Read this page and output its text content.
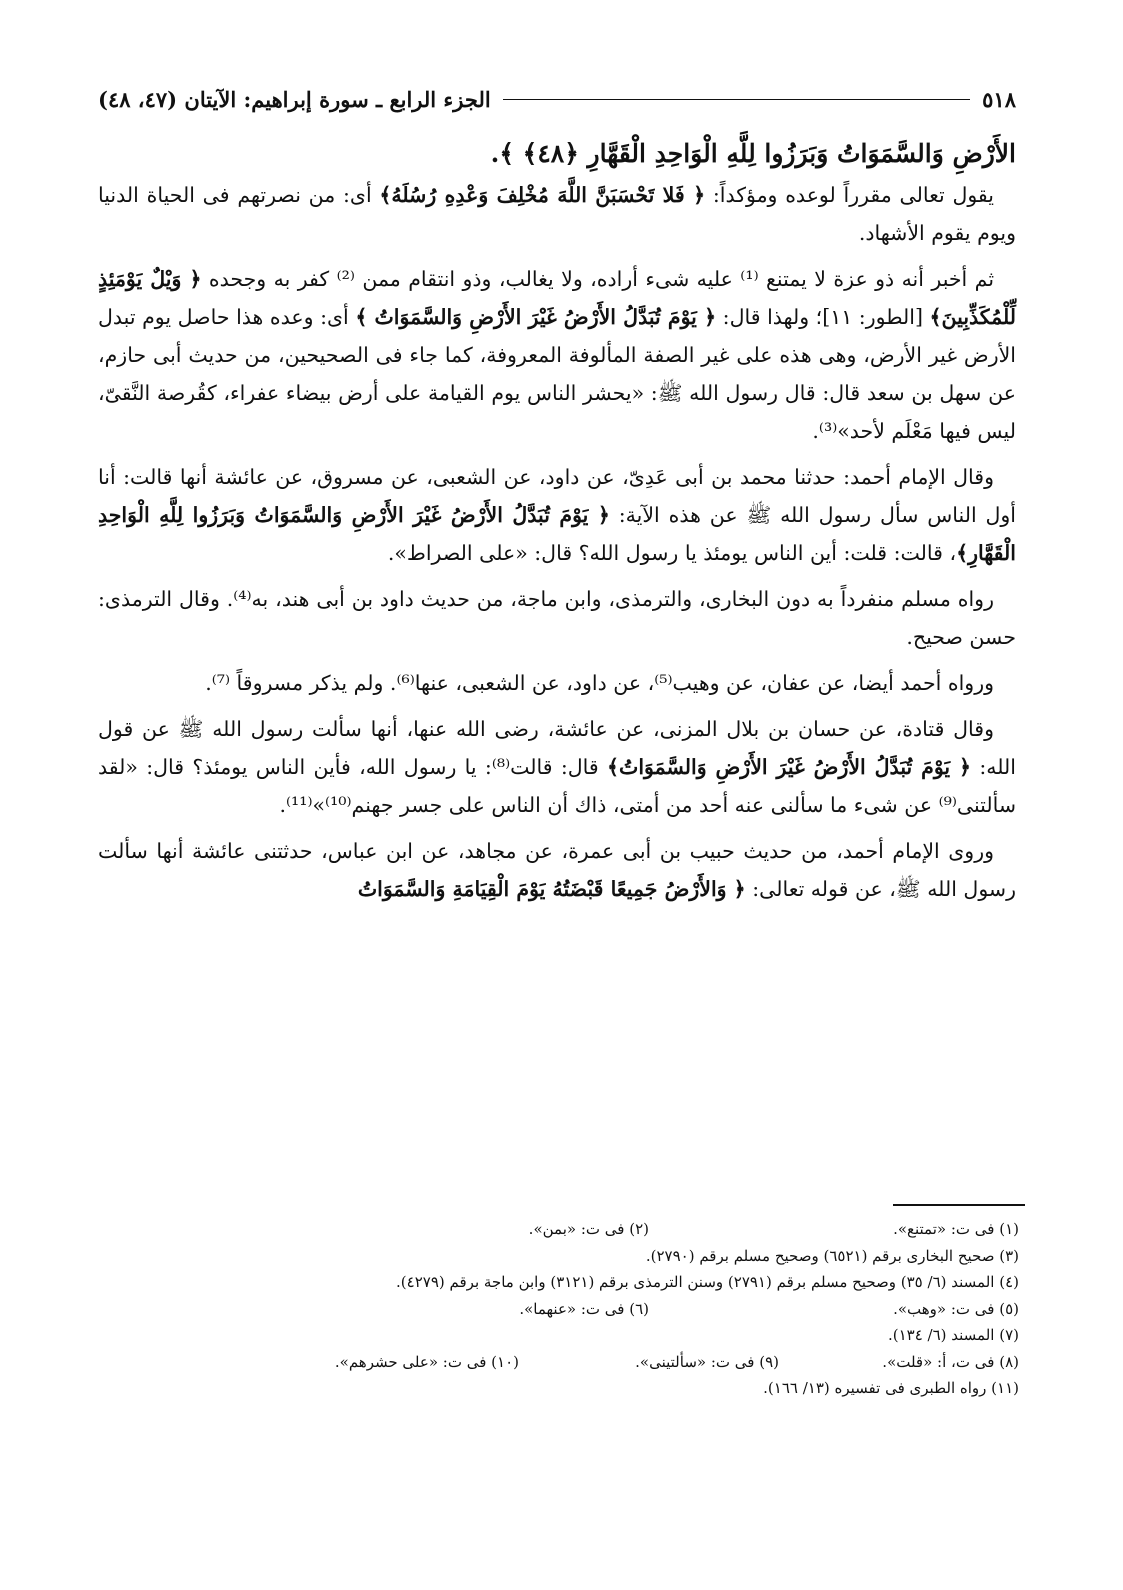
٥١٨
الجزء الرابع ـ سورة إبراهيم: الآيتان (٤٧، ٤٨)
الأَرْضِ وَالسَّمَوَاتُ وَبَرَزُوا لِلَّهِ الْوَاحِدِ الْقَهَّارِ ﴿٤٨﴾ ﴾.

يقول تعالى مقرراً لوعده ومؤكداً: ﴿ فَلا تَحْسَبَنَّ اللَّهَ مُخْلِفَ وَعْدِهِ رُسُلَهُ﴾ أى: من نصرتهم فى الحياة الدنيا ويوم يقوم الأشهاد.

ثم أخبر أنه ذو عزة لا يمتنع ⁽¹⁾ عليه شىء أراده، ولا يغالب، وذو انتقام ممن ⁽²⁾ كفر به وجحده ﴿ وَيْلٌ يَوْمَئِذٍ لِّلْمُكَذِّبِينَ﴾ [الطور: ١١]؛ ولهذا قال: ﴿ يَوْمَ تُبَدَّلُ الأَرْضُ غَيْرَ الأَرْضِ وَالسَّمَوَاتُ ﴾ أى: وعده هذا حاصل يوم تبدل الأرض غير الأرض، وهى هذه على غير الصفة المألوفة المعروفة، كما جاء فى الصحيحين، من حديث أبى حازم، عن سهل بن سعد قال: قال رسول الله ﷺ: «يحشر الناس يوم القيامة على أرض بيضاء عفراء، كقُرصة النَّقىّ، ليس فيها مَعْلَم لأحد»⁽³⁾.

وقال الإمام أحمد: حدثنا محمد بن أبى عَدِىّ، عن داود، عن الشعبى، عن مسروق، عن عائشة أنها قالت: أنا أول الناس سأل رسول الله ﷺ عن هذه الآية: ﴿ يَوْمَ تُبَدَّلُ الأَرْضُ غَيْرَ الأَرْضِ وَالسَّمَوَاتُ وَبَرَزُوا لِلَّهِ الْوَاحِدِ الْقَهَّارِ﴾، قالت: قلت: أين الناس يومئذ يا رسول الله؟ قال: «على الصراط».

رواه مسلم منفرداً به دون البخارى، والترمذى، وابن ماجة، من حديث داود بن أبى هند، به⁽⁴⁾. وقال الترمذى: حسن صحيح.

ورواه أحمد أيضا، عن عفان، عن وهيب⁽⁵⁾، عن داود، عن الشعبى، عنها⁽⁶⁾. ولم يذكر مسروقاً ⁽⁷⁾.

وقال قتادة، عن حسان بن بلال المزنى، عن عائشة، رضى الله عنها، أنها سألت رسول الله ﷺ عن قول الله: ﴿ يَوْمَ تُبَدَّلُ الأَرْضُ غَيْرَ الأَرْضِ وَالسَّمَوَاتُ﴾ قال: قالت⁽⁸⁾: يا رسول الله، فأين الناس يومئذ؟ قال: «لقد سألتنى⁽⁹⁾ عن شىء ما سألنى عنه أحد من أمتى، ذاك أن الناس على جسر جهنم⁽¹⁰⁾»⁽¹¹⁾.

وروى الإمام أحمد، من حديث حبيب بن أبى عمرة، عن مجاهد، عن ابن عباس، حدثتنى عائشة أنها سألت رسول الله ﷺ، عن قوله تعالى: ﴿ وَالأَرْضُ جَمِيعًا قَبْضَتُهُ يَوْمَ الْقِيَامَةِ وَالسَّمَوَاتُ

(١) فى ت: «تمتنع».
(٢) فى ت: «بمن».
(٣) صحيح البخارى برقم (٦٥٢١) وصحيح مسلم برقم (٢٧٩٠).
(٤) المسند (٦/ ٣٥) وصحيح مسلم برقم (٢٧٩١) وسنن الترمذى برقم (٣١٢١) وابن ماجة برقم (٤٢٧٩).
(٥) فى ت: «وهب».
(٦) فى ت: «عنهما».
(٧) المسند (٦/ ١٣٤).
(٨) فى ت، أ: «قلت».
(٩) فى ت: «سألتينى».
(١٠) فى ت: «على حشرهم».
(١١) رواه الطبرى فى تفسيره (١٣/ ١٦٦).
